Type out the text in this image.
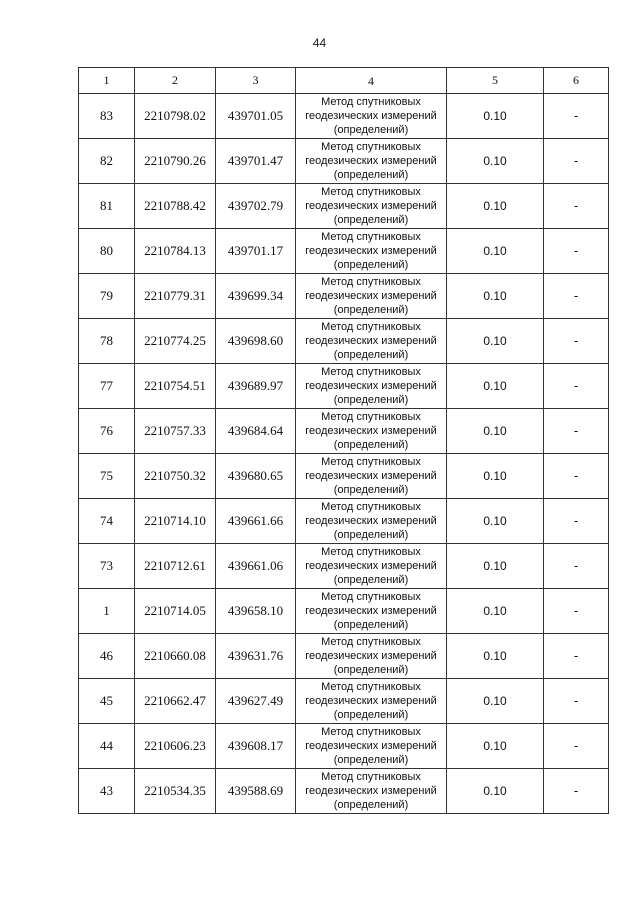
44
1	2	3	4	5	6
83	2210798.02	439701.05	Метод спутниковых
геодезических измерений
(определений)	0.10	-
82	2210790.26	439701.47	Метод спутниковых
геодезических измерений
(определений)	0.10	-
81	2210788.42	439702.79	Метод спутниковых
геодезических измерений
(определений)	0.10	-
80	2210784.13	439701.17	Метод спутниковых
геодезических измерений
(определений)	0.10	-
79	2210779.31	439699.34	Метод спутниковых
геодезических измерений
(определений)	0.10	-
78	2210774.25	439698.60	Метод спутниковых
геодезических измерений
(определений)	0.10	-
77	2210754.51	439689.97	Метод спутниковых
геодезических измерений
(определений)	0.10	-
76	2210757.33	439684.64	Метод спутниковых
геодезических измерений
(определений)	0.10	-
75	2210750.32	439680.65	Метод спутниковых
геодезических измерений
(определений)	0.10	-
74	2210714.10	439661.66	Метод спутниковых
геодезических измерений
(определений)	0.10	-
73	2210712.61	439661.06	Метод спутниковых
геодезических измерений
(определений)	0.10	-
1	2210714.05	439658.10	Метод спутниковых
геодезических измерений
(определений)	0.10	-
46	2210660.08	439631.76	Метод спутниковых
геодезических измерений
(определений)	0.10	-
45	2210662.47	439627.49	Метод спутниковых
геодезических измерений
(определений)	0.10	-
44	2210606.23	439608.17	Метод спутниковых
геодезических измерений
(определений)	0.10	-
43	2210534.35	439588.69	Метод спутниковых
геодезических измерений
(определений)	0.10	-
